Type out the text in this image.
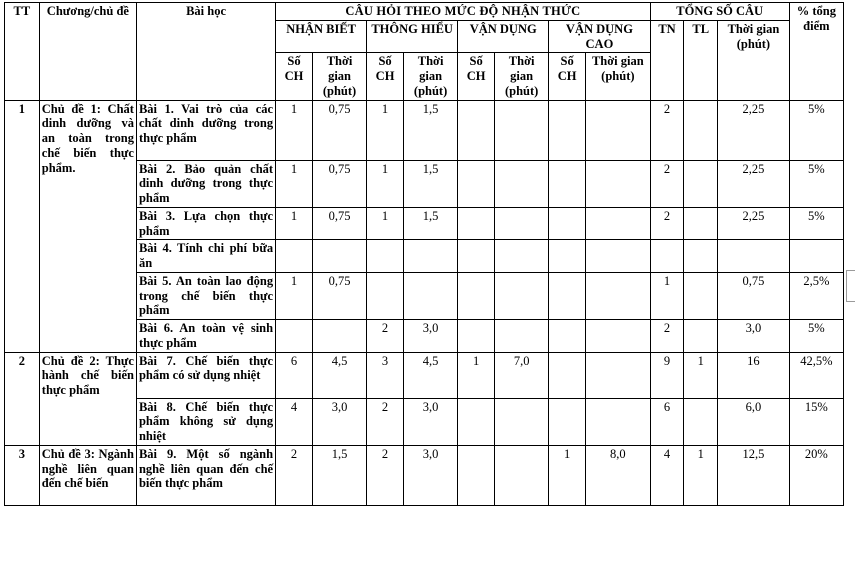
TT	Chương/chủ đề	Bài học	CÂU HỎI THEO MỨC ĐỘ NHẬN THỨC								TỔNG SỐ CÂU			% tổng điểm
			NHẬN BIẾT		THÔNG HIỂU		VẬN DỤNG		VẬN DỤNG CAO		TN	TL	Thời gian (phút)	
			Số CH	Thời gian (phút)	Số CH	Thời gian (phút)	Số CH	Thời gian (phút)	Số CH	Thời gian (phút)				
1	Chủ đề 1: Chất dinh dưỡng và an toàn trong chế biến thực phẩm.	Bài 1. Vai trò của các chất dinh dưỡng trong thực phẩm	1	0,75	1	1,5					2		2,25	5%
		Bài 2. Bảo quản chất dinh dưỡng trong thực phẩm	1	0,75	1	1,5					2		2,25	5%
		Bài 3. Lựa chọn thực phẩm	1	0,75	1	1,5					2		2,25	5%
		Bài 4. Tính chi phí bữa ăn												
		Bài 5. An toàn lao động trong chế biến thực phẩm	1	0,75							1		0,75	2,5%
		Bài 6. An toàn vệ sinh thực phẩm			2	3,0					2		3,0	5%
2	Chủ đề 2: Thực hành chế biến thực phẩm	Bài 7. Chế biến thực phẩm có sử dụng nhiệt	6	4,5	3	4,5	1	7,0			9	1	16	42,5%
		Bài 8. Chế biến thực phẩm không sử dụng nhiệt	4	3,0	2	3,0					6		6,0	15%
3	Chủ đề 3: Ngành nghề liên quan đến chế biến	Bài 9. Một số ngành nghề liên quan đến chế biến thực phẩm	2	1,5	2	3,0			1	8,0	4	1	12,5	20%
